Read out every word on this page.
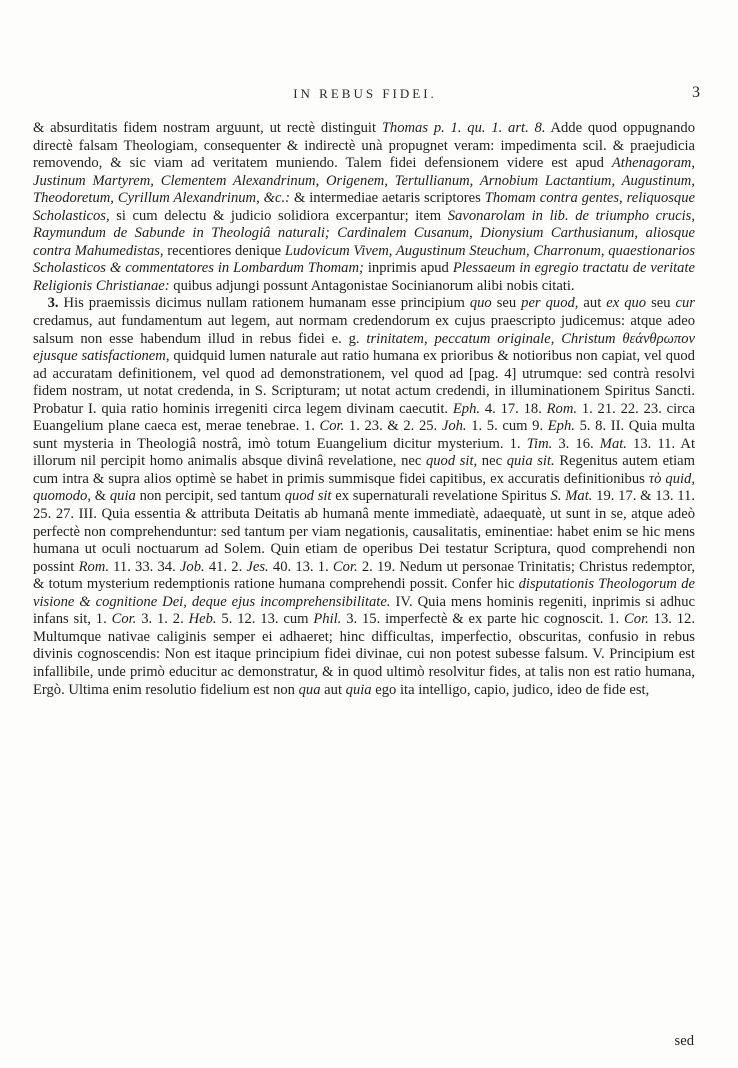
IN REBUS FIDEI.	3

& absurditatis fidem nostram arguunt, ut rectè distinguit Thomas p. 1. qu. 1. art. 8. Adde quod oppugnando directè falsam Theologiam, consequenter & indirectè unà propugnet veram: impedimenta scil. & praejudicia removendo, & sic viam ad veritatem muniendo. Talem fidei defensionem videre est apud Athenagoram, Justinum Martyrem, Clementem Alexandrinum, Origenem, Tertullianum, Arnobium Lactantium, Augustinum, Theodoretum, Cyrillum Alexandrinum, &c.: & intermediae aetaris scriptores Thomam contra gentes, reliquosque Scholasticos, si cum delectu & judicio solidiora excerpantur; item Savonarolam in lib. de triumpho crucis, Raymundum de Sabunde in Theologiâ naturali; Cardinalem Cusanum, Dionysium Carthusianum, aliosque contra Mahumedistas, recentiores denique Ludovicum Vivem, Augustinum Steuchum, Charronum, quaestionarios Scholasticos & commentatores in Lombardum Thomam; inprimis apud Plessaeum in egregio tractatu de veritate Religionis Christianae: quibus adjungi possunt Antagonistae Socinianorum alibi nobis citati.

 3. His praemissis dicimus nullam rationem humanam esse principium quo seu per quod, aut ex quo seu cur credamus, aut fundamentum aut legem, aut normam credendorum ex cujus praescripto judicemus: atque adeo salsum non esse habendum illud in rebus fidei e. g. trinitatem, peccatum originale, Christum θεάνθρωπον ejusque satisfactionem, quidquid lumen naturale aut ratio humana ex prioribus & notioribus non capiat, vel quod ad accuratam definitionem, vel quod ad demonstrationem, vel quod ad [pag. 4] utrumque: sed contrà resolvi fidem nostram, ut notat credenda, in S. Scripturam; ut notat actum credendi, in illuminationem Spiritus Sancti. Probatur I. quia ratio hominis irregeniti circa legem divinam caecutit. Eph. 4. 17. 18. Rom. 1. 21. 22. 23. circa Euangelium plane caeca est, merae tenebrae. 1. Cor. 1. 23. & 2. 25. Joh. 1. 5. cum 9. Eph. 5. 8. II. Quia multa sunt mysteria in Theologiâ nostrâ, imò totum Euangelium dicitur mysterium. 1. Tim. 3. 16. Mat. 13. 11. At illorum nil percipit homo animalis absque divinâ revelatione, nec quod sit, nec quia sit. Regenitus autem etiam cum intra & supra alios optimè se habet in primis summisque fidei capitibus, ex accuratis definitionibus τὸ quid, quomodo, & quia non percipit, sed tantum quod sit ex supernaturali revelatione Spiritus S. Mat. 19. 17. & 13. 11. 25. 27. III. Quia essentia & attributa Deitatis ab humanâ mente immediatè, adaequatè, ut sunt in se, atque adeò perfectè non comprehenduntur: sed tantum per viam negationis, causalitatis, eminentiae: habet enim se hic mens humana ut oculi noctuarum ad Solem. Quin etiam de operibus Dei testatur Scriptura, quod comprehendi non possint Rom. 11. 33. 34. Job. 41. 2. Jes. 40. 13. 1. Cor. 2. 19. Nedum ut personae Trinitatis; Christus redemptor, & totum mysterium redemptionis ratione humana comprehendi possit. Confer hic disputationis Theologorum de visione & cognitione Dei, deque ejus incomprehensibilitate. IV. Quia mens hominis regeniti, inprimis si adhuc infans sit, 1. Cor. 3. 1. 2. Heb. 5. 12. 13. cum Phil. 3. 15. imperfectè & ex parte hic cognoscit. 1. Cor. 13. 12. Multumque nativae caliginis semper ei adhaeret; hinc difficultas, imperfectio, obscuritas, confusio in rebus divinis cognoscendis: Non est itaque principium fidei divinae, cui non potest subesse falsum. V. Principium est infallibile, unde primò educitur ac demonstratur, & in quod ultimò resolvitur fides, at talis non est ratio humana, Ergò. Ultima enim resolutio fidelium est non qua aut quia ego ita intelligo, capio, judico, ideo de fide est,

sed
